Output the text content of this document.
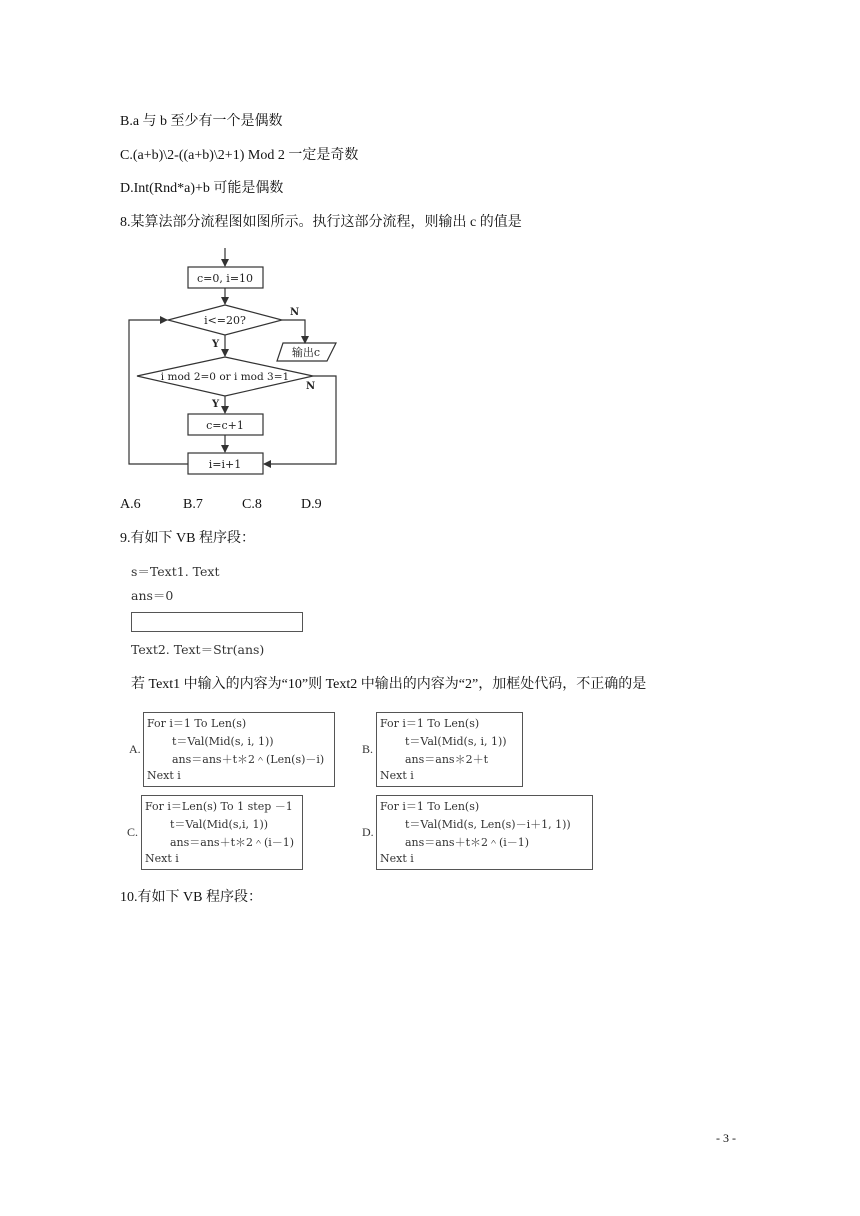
B.a 与 b 至少有一个是偶数
C.(a+b)\2-((a+b)\2+1) Mod 2 一定是奇数
D.Int(Rnd*a)+b 可能是偶数
8.某算法部分流程图如图所示。执行这部分流程，则输出 c 的值是
c=0, i=10
i<=20?
N
输出c
Y
i mod 2=0 or i mod 3=1
N
Y
c=c+1
i=i+1
A.6	B.7	C.8	D.9
9.有如下 VB 程序段：
s＝Text1. Text
ans＝0
Text2. Text＝Str(ans)
若 Text1 中输入的内容为“10”则 Text2 中输出的内容为“2”，加框处代码，不正确的是
A.
For i＝1 To Len(s)
t＝Val(Mid(s, i, 1))
ans＝ans＋t＊2＾(Len(s)－i)
Next i
B.
For i＝1 To Len(s)
t＝Val(Mid(s, i, 1))
ans＝ans＊2＋t
Next i
C.
For i＝Len(s) To 1 step －1
t＝Val(Mid(s,i, 1))
ans＝ans＋t＊2＾(i－1)
Next i
D.
For i＝1 To Len(s)
t＝Val(Mid(s, Len(s)－i＋1, 1))
ans＝ans＋t＊2＾(i－1)
Next i
10.有如下 VB 程序段：
- 3 -
